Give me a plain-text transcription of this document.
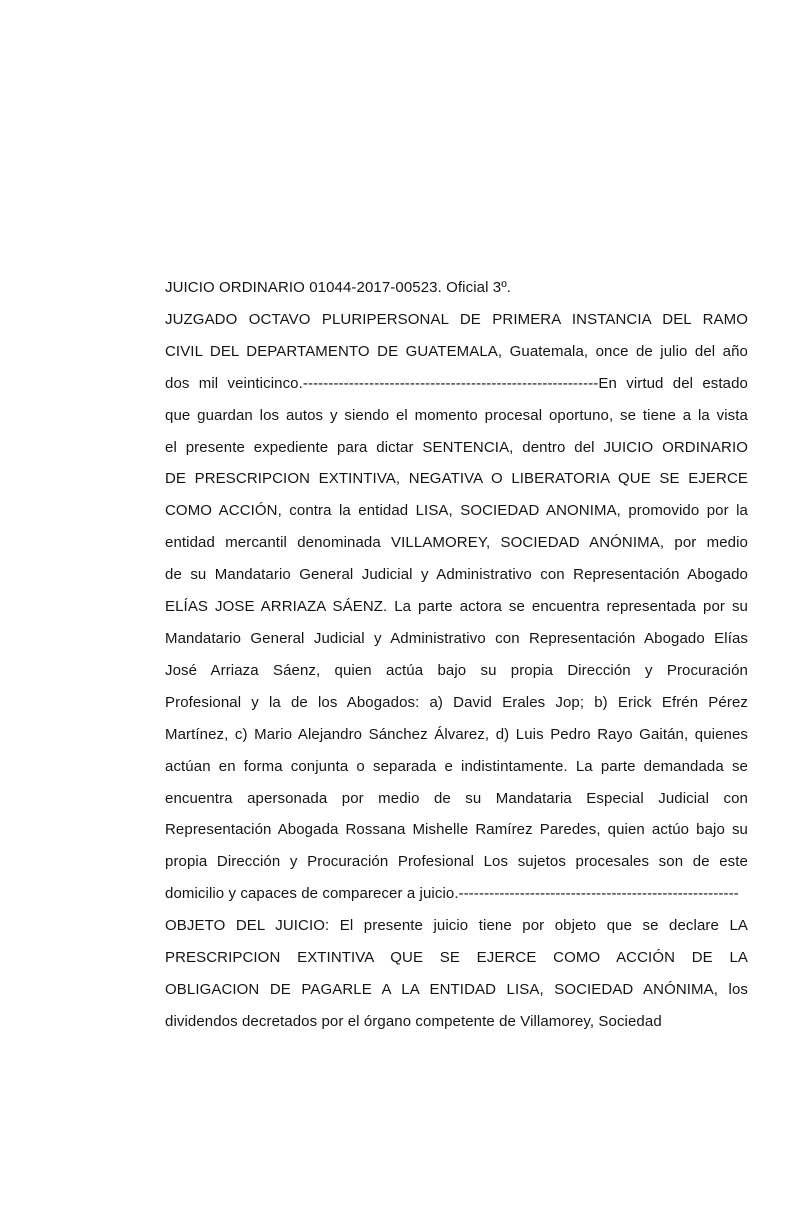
JUICIO ORDINARIO 01044-2017-00523. Oficial 3º.
JUZGADO OCTAVO PLURIPERSONAL DE PRIMERA INSTANCIA DEL RAMO
CIVIL DEL DEPARTAMENTO DE GUATEMALA, Guatemala, once de julio del año
dos mil veinticinco.----------------------------------------------------------En virtud del estado
que guardan los autos y siendo el momento procesal oportuno, se tiene a la vista
el presente expediente para dictar SENTENCIA, dentro del JUICIO ORDINARIO
DE PRESCRIPCION EXTINTIVA, NEGATIVA O LIBERATORIA QUE SE EJERCE
COMO ACCIÓN, contra la entidad LISA, SOCIEDAD ANONIMA, promovido por la
entidad mercantil denominada VILLAMOREY, SOCIEDAD ANÓNIMA, por medio
de su Mandatario General Judicial y Administrativo con Representación Abogado
ELÍAS JOSE ARRIAZA SÁENZ. La parte actora se encuentra representada por su
Mandatario General Judicial y Administrativo con Representación Abogado Elías
José Arriaza Sáenz, quien actúa bajo su propia Dirección y Procuración
Profesional y la de los Abogados: a) David Erales Jop; b) Erick Efrén Pérez
Martínez, c) Mario Alejandro Sánchez Álvarez, d) Luis Pedro Rayo Gaitán, quienes
actúan en forma conjunta o separada e indistintamente. La parte demandada se
encuentra apersonada por medio de su Mandataria Especial Judicial con
Representación Abogada Rossana Mishelle Ramírez Paredes, quien actúo bajo su
propia Dirección y Procuración Profesional Los sujetos procesales son de este
domicilio y capaces de comparecer a juicio.-------------------------------------------------------
OBJETO DEL JUICIO: El presente juicio tiene por objeto que se declare LA
PRESCRIPCION EXTINTIVA QUE SE EJERCE COMO ACCIÓN DE LA
OBLIGACION DE PAGARLE A LA ENTIDAD LISA, SOCIEDAD ANÓNIMA, los
dividendos decretados por el órgano competente de Villamorey, Sociedad
